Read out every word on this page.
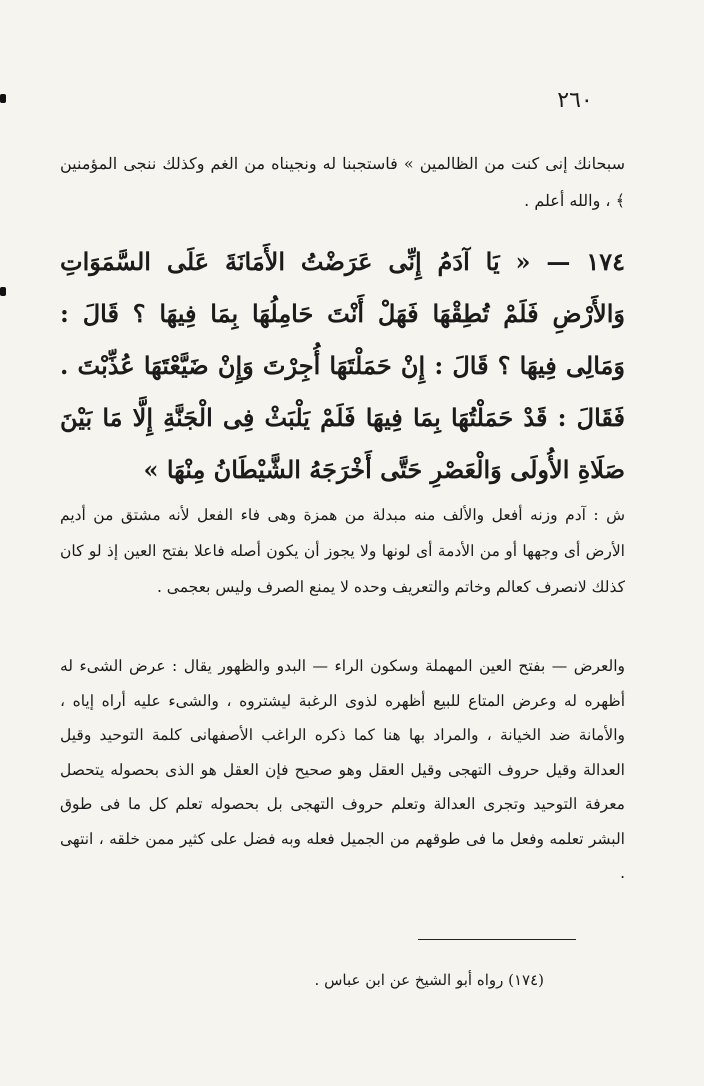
٢٦٠

سبحانك إنى كنت من الظالمين » فاستجبنا له ونجيناه من الغم وكذلك ننجى المؤمنين ﴾ ، والله أعلم .

١٧٤ — « يَا آدَمُ إِنِّى عَرَضْتُ الأَمَانَةَ عَلَى السَّمَوَاتِ وَالأَرْضِ فَلَمْ تُطِقْهَا فَهَلْ أَنْتَ حَامِلُهَا بِمَا فِيهَا ؟ قَالَ : وَمَالِى فِيهَا ؟ قَالَ : إِنْ حَمَلْتَهَا أُجِرْتَ وَإِنْ ضَيَّعْتَهَا عُذِّبْتَ . فَقَالَ : قَدْ حَمَلْتُهَا بِمَا فِيهَا فَلَمْ يَلْبَثْ فِى الْجَنَّةِ إِلَّا مَا بَيْنَ صَلَاةِ الأُولَى وَالْعَصْرِ حَتَّى أَخْرَجَهُ الشَّيْطَانُ مِنْهَا »

ش : آدم وزنه أفعل والألف منه مبدلة من همزة وهى فاء الفعل لأنه مشتق من أديم الأرض أى وجهها أو من الأدمة أى لونها ولا يجوز أن يكون أصله فاعلا بفتح العين إذ لو كان كذلك لانصرف كعالم وخاتم والتعريف وحده لا يمنع الصرف وليس بعجمى .

والعرض — بفتح العين المهملة وسكون الراء — البدو والظهور يقال : عرض الشىء له أظهره له وعرض المتاع للبيع أظهره لذوى الرغبة ليشتروه ، والشىء عليه أراه إياه ، والأمانة ضد الخيانة ، والمراد بها هنا كما ذكره الراغب الأصفهانى كلمة التوحيد وقيل العدالة وقيل حروف التهجى وقيل العقل وهو صحيح فإن العقل هو الذى بحصوله يتحصل معرفة التوحيد وتجرى العدالة وتعلم حروف التهجى بل بحصوله تعلم كل ما فى طوق البشر تعلمه وفعل ما فى طوقهم من الجميل فعله وبه فضل على كثير ممن خلقه ، انتهى .

(١٧٤) رواه أبو الشيخ عن ابن عباس .
